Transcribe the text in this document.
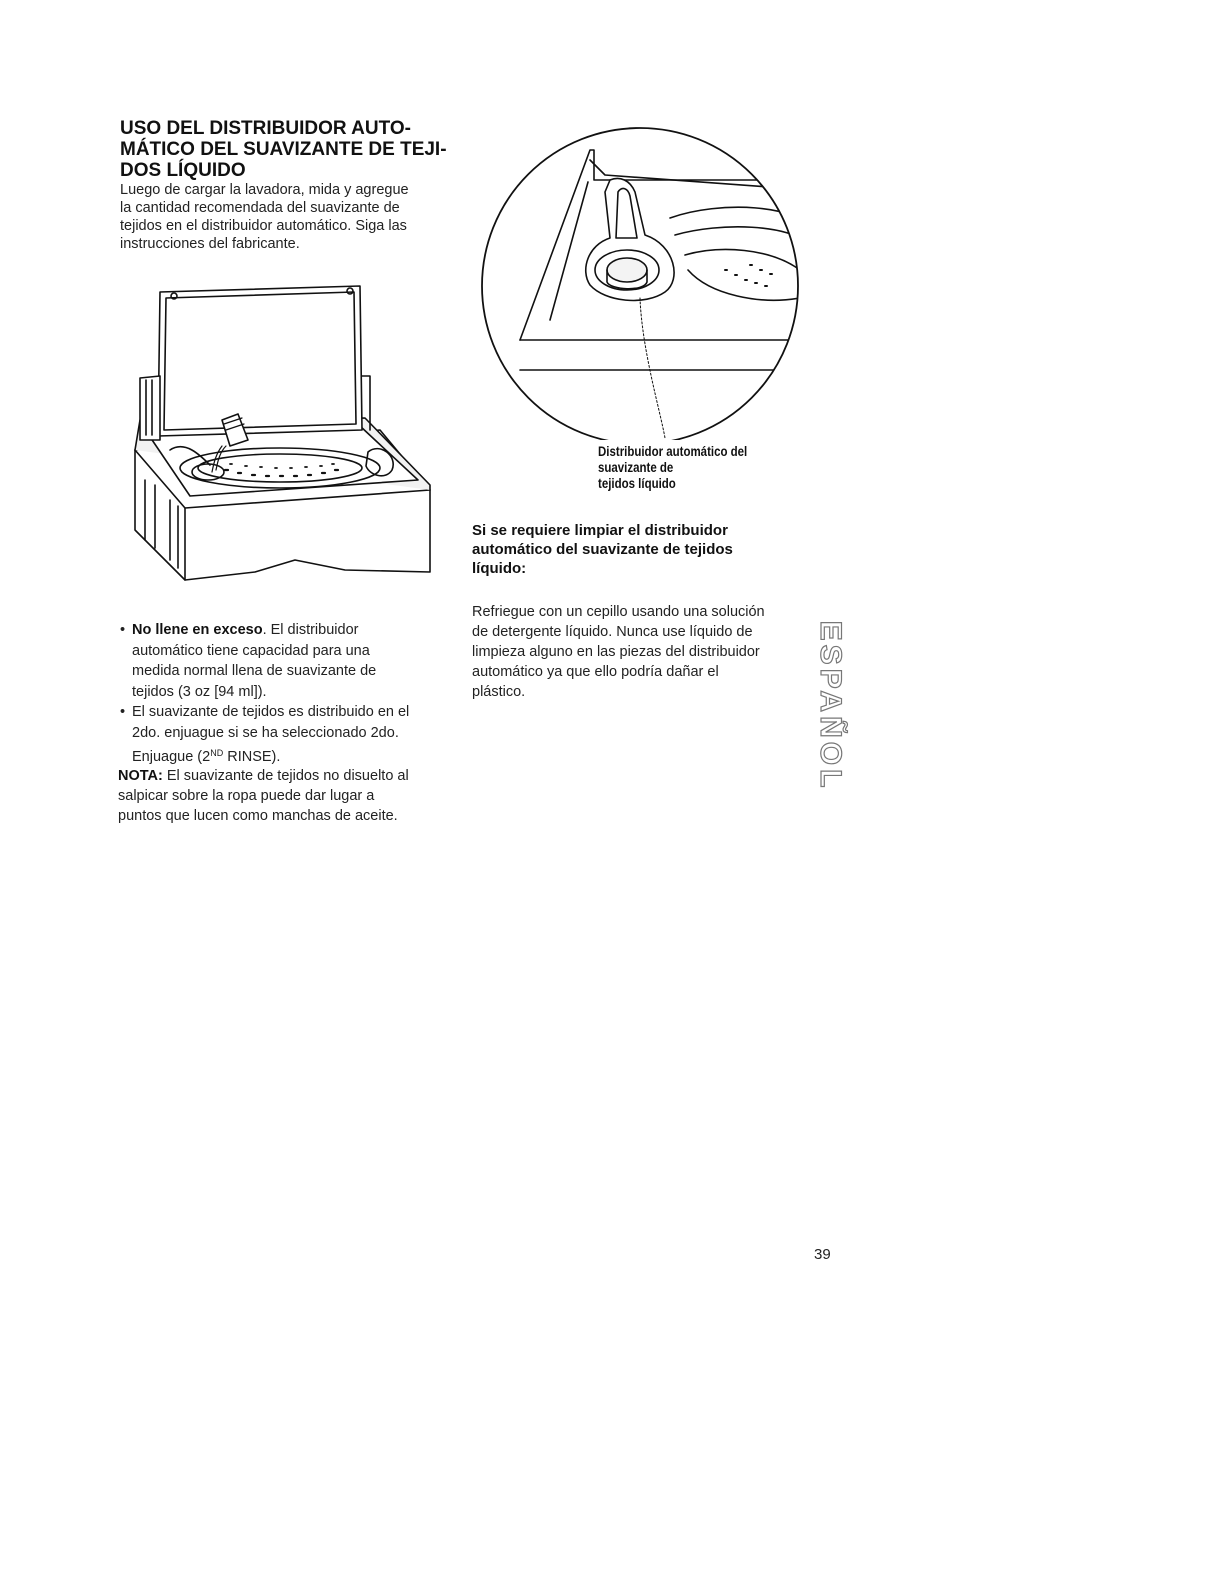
USO DEL DISTRIBUIDOR AUTO-
MÁTICO DEL SUAVIZANTE DE TEJI-
DOS LÍQUIDO

Luego de cargar la lavadora, mida y agregue
la cantidad recomendada del suavizante de
tejidos en el distribuidor automático. Siga las
instrucciones del fabricante.

Distribuidor automático del
suavizante de
tejidos líquido

Si se requiere limpiar el distribuidor
automático del suavizante de tejidos
líquido:

Refriegue con un cepillo usando una solución
de detergente líquido. Nunca use líquido de
limpieza alguno en las piezas del distribuidor
automático ya que ello podría dañar el
plástico.

• No llene en exceso. El distribuidor
automático tiene capacidad para una
medida normal llena de suavizante de
tejidos (3 oz [94 ml]).
• El suavizante de tejidos es distribuido en el
2do. enjuague si se ha seleccionado 2do.
Enjuague (2ND RINSE).

NOTA: El suavizante de tejidos no disuelto al
salpicar sobre la ropa puede dar lugar a
puntos que lucen como manchas de aceite.

ESPAÑOL

39
